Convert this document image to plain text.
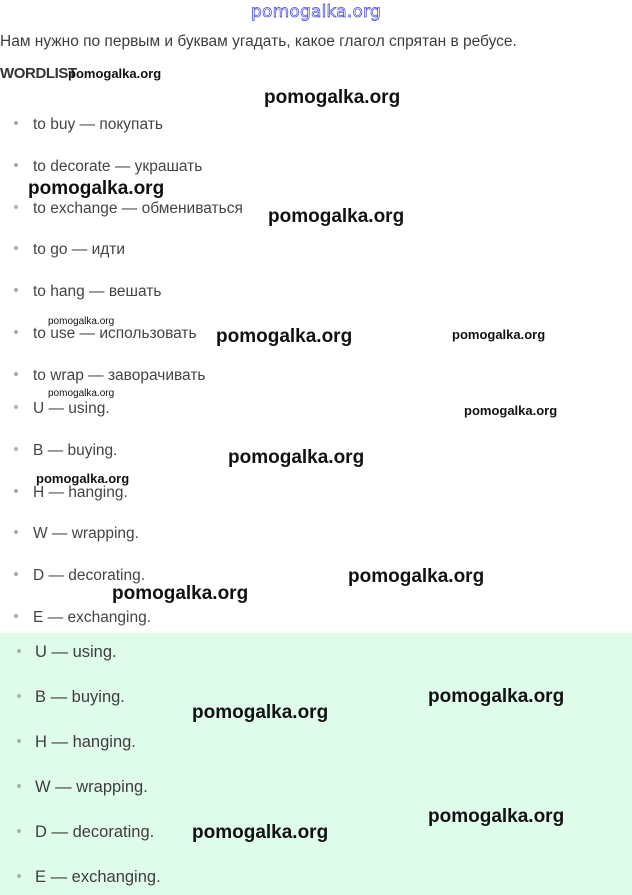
pomogalka.org
Нам нужно по первым и буквам угадать, какое глагол спрятан в ребусе.
WORDLIST
to buy — покупать
to decorate — украшать
to exchange — обмениваться
to go — идти
to hang — вешать
to use — использовать
to wrap — заворачивать
U — using.
B — buying.
H — hanging.
W — wrapping.
D — decorating.
E — exchanging.
U — using.
B — buying.
H — hanging.
W — wrapping.
D — decorating.
E — exchanging.
pomogalka.org
pomogalka.org
pomogalka.org
pomogalka.org
pomogalka.org
pomogalka.org	pomogalka.org
pomogalka.org
pomogalka.org
pomogalka.org
pomogalka.org
pomogalka.org
pomogalka.org
pomogalka.org
pomogalka.org
pomogalka.org
pomogalka.org
